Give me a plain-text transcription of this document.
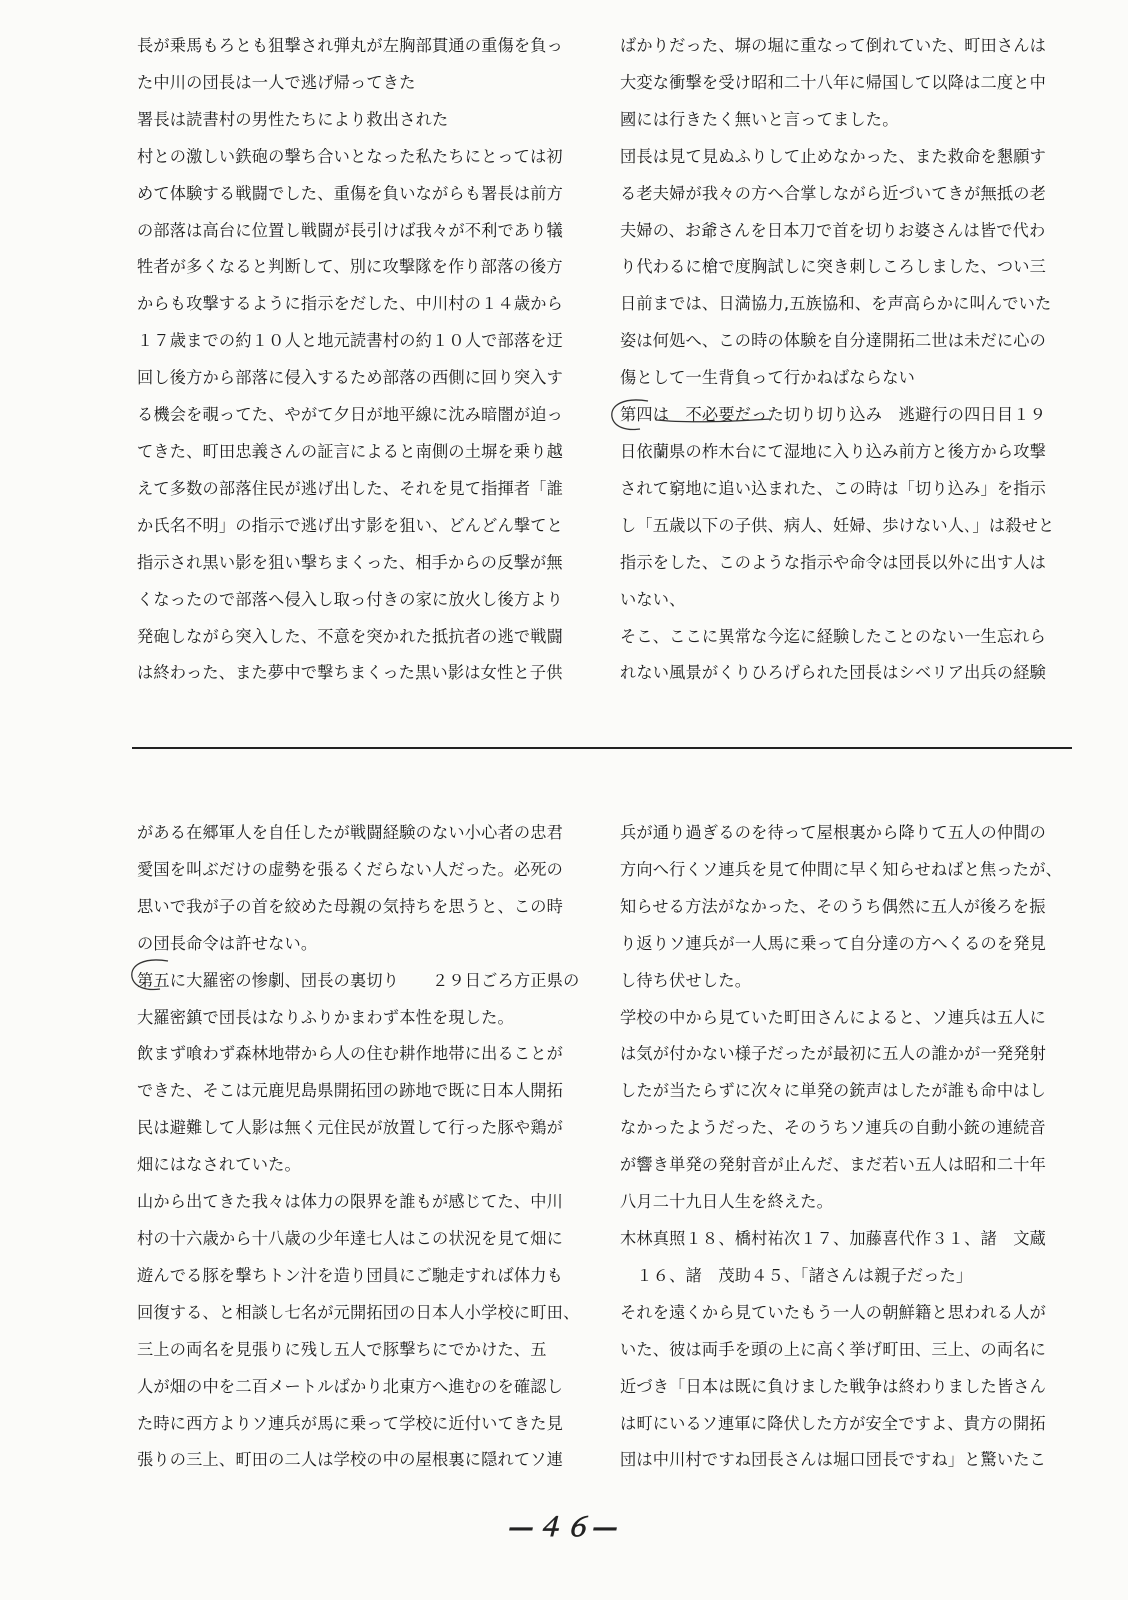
長が乗馬もろとも狙撃され弾丸が左胸部貫通の重傷を負っ

た中川の団長は一人で逃げ帰ってきた

署長は読書村の男性たちにより救出された

村との激しい鉄砲の撃ち合いとなった私たちにとっては初

めて体験する戦闘でした、重傷を負いながらも署長は前方

の部落は高台に位置し戦闘が長引けば我々が不利であり犠

牲者が多くなると判断して、別に攻撃隊を作り部落の後方

からも攻撃するように指示をだした、中川村の１４歳から

１７歳までの約１０人と地元読書村の約１０人で部落を迂

回し後方から部落に侵入するため部落の西側に回り突入す

る機会を覗ってた、やがて夕日が地平線に沈み暗闇が迫っ

てきた、町田忠義さんの証言によると南側の土塀を乗り越

えて多数の部落住民が逃げ出した、それを見て指揮者「誰

か氏名不明」の指示で逃げ出す影を狙い、どんどん撃てと

指示され黒い影を狙い撃ちまくった、相手からの反撃が無

くなったので部落へ侵入し取っ付きの家に放火し後方より

発砲しながら突入した、不意を突かれた抵抗者の逃で戦闘

は終わった、また夢中で撃ちまくった黒い影は女性と子供

ばかりだった、塀の堀に重なって倒れていた、町田さんは

大変な衝撃を受け昭和二十八年に帰国して以降は二度と中

國には行きたく無いと言ってました。

団長は見て見ぬふりして止めなかった、また救命を懇願す

る老夫婦が我々の方へ合掌しながら近づいてきが無抵の老

夫婦の、お爺さんを日本刀で首を切りお婆さんは皆で代わ

り代わるに槍で度胸試しに突き刺しころしました、つい三

日前までは、日満協力,五族協和、を声高らかに叫んでいた

姿は何処へ、この時の体験を自分達開拓二世は未だに心の

傷として一生背負って行かねばならない

第四は　不必要だった切り切り込み　逃避行の四日目１９

日依蘭県の柞木台にて湿地に入り込み前方と後方から攻撃

されて窮地に追い込まれた、この時は「切り込み」を指示

し「五歳以下の子供、病人、妊婦、歩けない人､」は殺せと

指示をした、このような指示や命令は団長以外に出す人は

いない、

そこ、ここに異常な今迄に経験したことのない一生忘れら

れない風景がくりひろげられた団長はシベリア出兵の経験

がある在郷軍人を自任したが戦闘経験のない小心者の忠君

愛国を叫ぶだけの虚勢を張るくだらない人だった。必死の

思いで我が子の首を絞めた母親の気持ちを思うと、この時

の団長命令は許せない。

第五に大羅密の惨劇、団長の裏切り　　２９日ごろ方正県の

大羅密鎮で団長はなりふりかまわず本性を現した。

飲まず喰わず森林地帯から人の住む耕作地帯に出ることが

できた、そこは元鹿児島県開拓団の跡地で既に日本人開拓

民は避難して人影は無く元住民が放置して行った豚や鶏が

畑にはなされていた。

山から出てきた我々は体力の限界を誰もが感じてた、中川

村の十六歳から十八歳の少年達七人はこの状況を見て畑に

遊んでる豚を撃ちトン汁を造り団員にご馳走すれば体力も

回復する、と相談し七名が元開拓団の日本人小学校に町田、

三上の両名を見張りに残し五人で豚撃ちにでかけた、五

人が畑の中を二百メートルばかり北東方へ進むのを確認し

た時に西方よりソ連兵が馬に乗って学校に近付いてきた見

張りの三上、町田の二人は学校の中の屋根裏に隠れてソ連

兵が通り過ぎるのを待って屋根裏から降りて五人の仲間の

方向へ行くソ連兵を見て仲間に早く知らせねばと焦ったが、

知らせる方法がなかった、そのうち偶然に五人が後ろを振

り返りソ連兵が一人馬に乗って自分達の方へくるのを発見

し待ち伏せした。

学校の中から見ていた町田さんによると、ソ連兵は五人に

は気が付かない様子だったが最初に五人の誰かが一発発射

したが当たらずに次々に単発の銃声はしたが誰も命中はし

なかったようだった、そのうちソ連兵の自動小銃の連続音

が響き単発の発射音が止んだ、まだ若い五人は昭和二十年

八月二十九日人生を終えた。

木林真照１８、橋村祐次１７、加藤喜代作３１、諸　文蔵

　１６、諸　茂助４５、「諸さんは親子だった」

それを遠くから見ていたもう一人の朝鮮籍と思われる人が

いた、彼は両手を頭の上に高く挙げ町田、三上、の両名に

近づき「日本は既に負けました戦争は終わりました皆さん

は町にいるソ連軍に降伏した方が安全ですよ、貴方の開拓

団は中川村ですね団長さんは堀口団長ですね」と驚いたこ

—４６—
